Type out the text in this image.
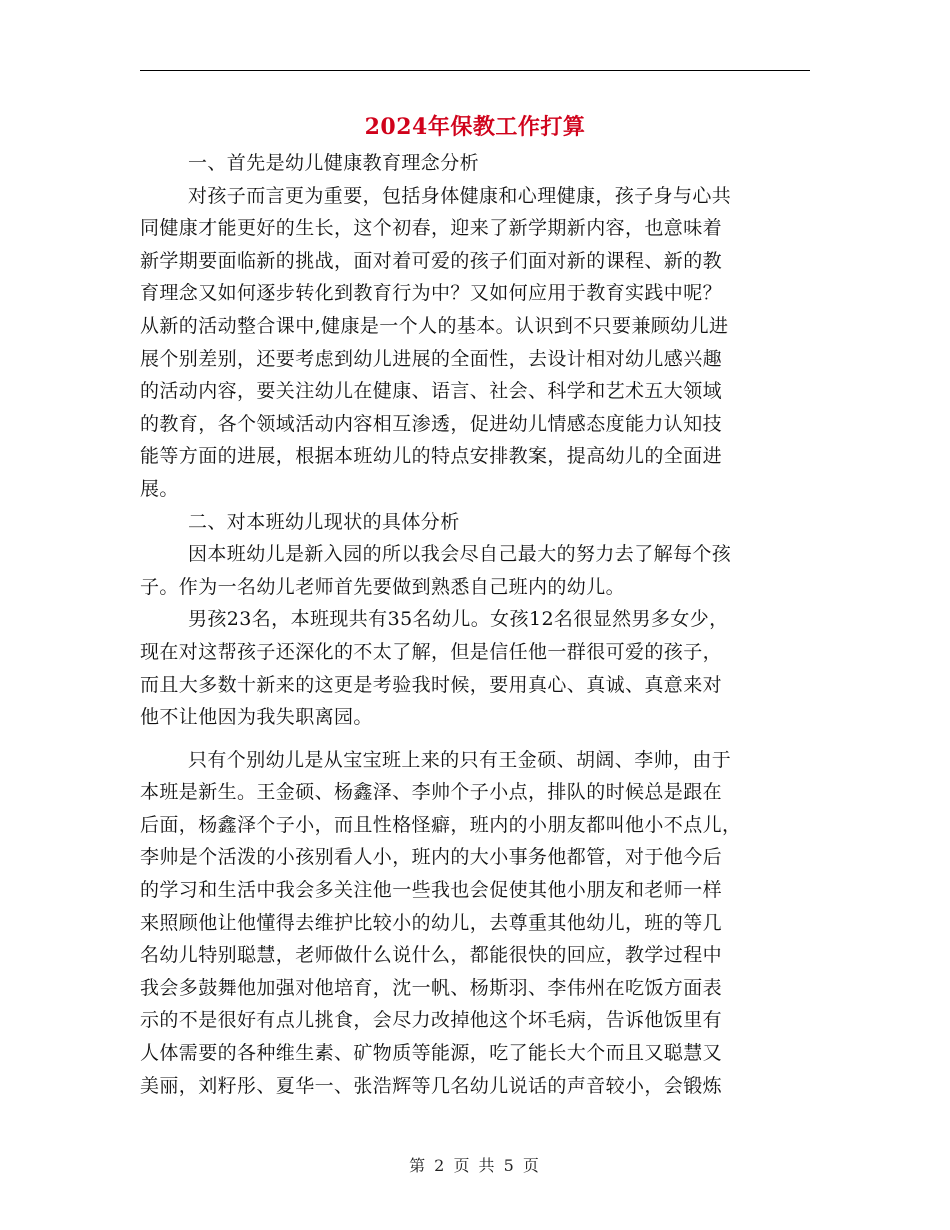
2024年保教工作打算
一、首先是幼儿健康教育理念分析
对孩子而言更为重要，包括身体健康和心理健康，孩子身与心共
同健康才能更好的生长，这个初春，迎来了新学期新内容，也意味着
新学期要面临新的挑战，面对着可爱的孩子们面对新的课程、新的教
育理念又如何逐步转化到教育行为中？又如何应用于教育实践中呢？
从新的活动整合课中,健康是一个人的基本。认识到不只要兼顾幼儿进
展个别差别，还要考虑到幼儿进展的全面性，去设计相对幼儿感兴趣
的活动内容，要关注幼儿在健康、语言、社会、科学和艺术五大领域
的教育，各个领域活动内容相互渗透，促进幼儿情感态度能力认知技
能等方面的进展，根据本班幼儿的特点安排教案，提高幼儿的全面进
展。
二、对本班幼儿现状的具体分析
因本班幼儿是新入园的所以我会尽自己最大的努力去了解每个孩
子。作为一名幼儿老师首先要做到熟悉自己班内的幼儿。
男孩23名，本班现共有35名幼儿。女孩12名很显然男多女少，
现在对这帮孩子还深化的不太了解，但是信任他一群很可爱的孩子，
而且大多数十新来的这更是考验我时候，要用真心、真诚、真意来对
他不让他因为我失职离园。
只有个别幼儿是从宝宝班上来的只有王金硕、胡阔、李帅，由于
本班是新生。王金硕、杨鑫泽、李帅个子小点，排队的时候总是跟在
后面，杨鑫泽个子小，而且性格怪癖，班内的小朋友都叫他小不点儿，
李帅是个活泼的小孩别看人小，班内的大小事务他都管，对于他今后
的学习和生活中我会多关注他一些我也会促使其他小朋友和老师一样
来照顾他让他懂得去维护比较小的幼儿，去尊重其他幼儿，班的等几
名幼儿特别聪慧，老师做什么说什么，都能很快的回应，教学过程中
我会多鼓舞他加强对他培育，沈一帆、杨斯羽、李伟州在吃饭方面表
示的不是很好有点儿挑食，会尽力改掉他这个坏毛病，告诉他饭里有
人体需要的各种维生素、矿物质等能源，吃了能长大个而且又聪慧又
美丽，刘籽彤、夏华一、张浩辉等几名幼儿说话的声音较小，会锻炼
第 2 页 共 5 页
